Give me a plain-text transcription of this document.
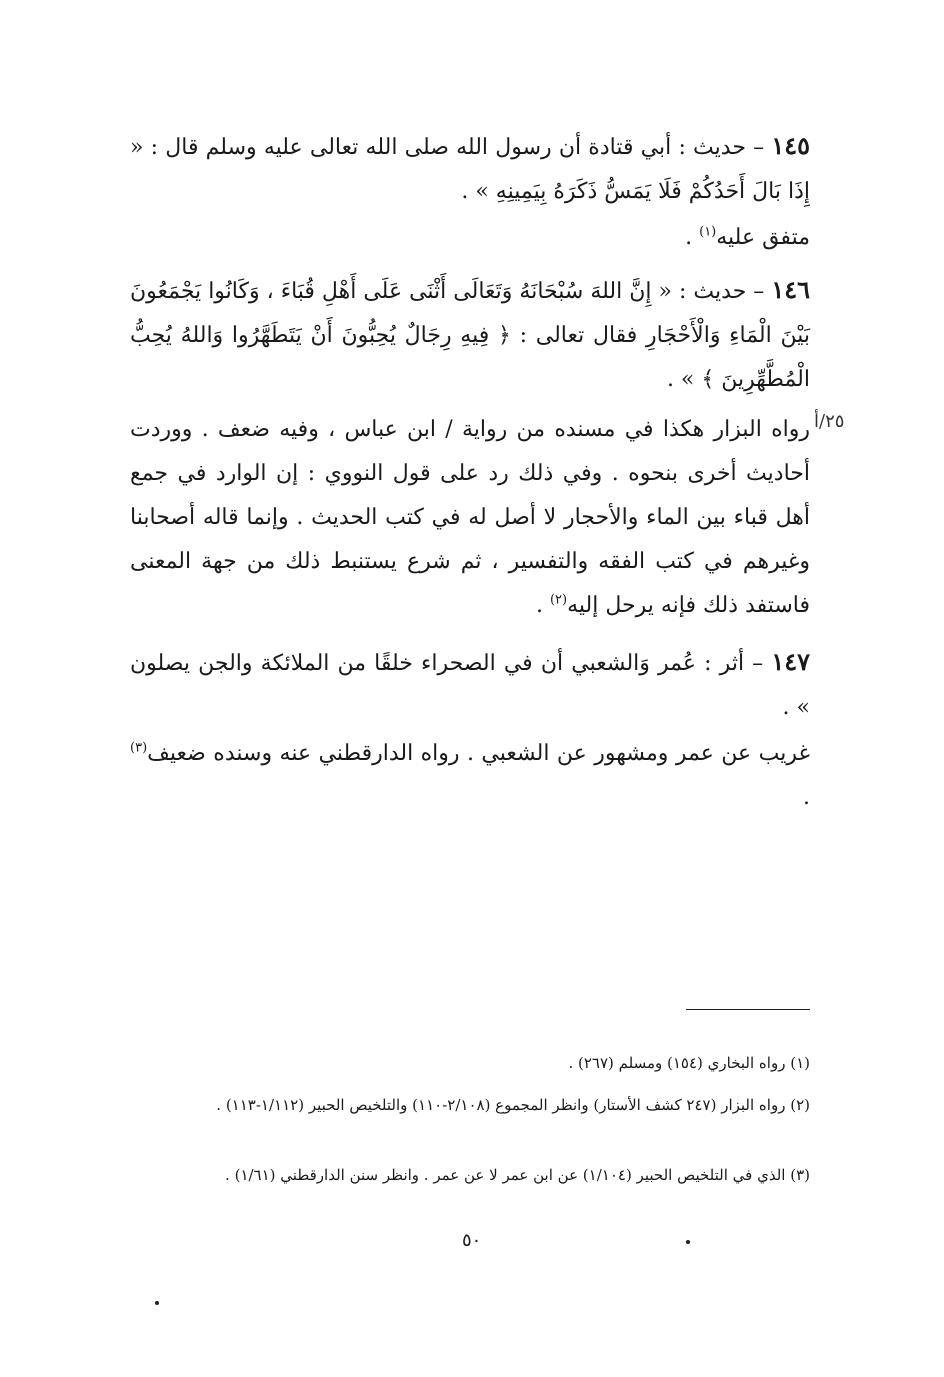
١٤٥ – حديث : أبي قتادة أن رسول الله صلى الله تعالى عليه وسلم قال : « إِذَا بَالَ أَحَدُكُمْ فَلَا يَمَسُّ ذَكَرَهُ بِيَمِينِهِ » .
متفق عليه$^{(١)}$ .
١٤٦ – حديث : « إِنَّ اللهَ سُبْحَانَهُ وَتَعَالَى أَثْنَى عَلَى أَهْلِ قُبَاءَ ، وَكَانُوا يَجْمَعُونَ بَيْنَ الْمَاءِ وَالْأَحْجَارِ فقال تعالى : ﴿ فِيهِ رِجَالٌ يُحِبُّونَ أَنْ يَتَطَهَّرُوا وَاللهُ يُحِبُّ الْمُطَّهِّرِينَ ﴾ » .
٢٥/أ
رواه البزار هكذا في مسنده من رواية / ابن عباس ، وفيه ضعف . ووردت أحاديث أخرى بنحوه . وفي ذلك رد على قول النووي : إن الوارد في جمع أهل قباء بين الماء والأحجار لا أصل له في كتب الحديث . وإنما قاله أصحابنا وغيرهم في كتب الفقه والتفسير ، ثم شرع يستنبط ذلك من جهة المعنى فاستفد ذلك فإنه يرحل إليه$^{(٢)}$ .
١٤٧ – أثر : عُمر وَالشعبي أن في الصحراء خلقًا من الملائكة والجن يصلون » .
غريب عن عمر ومشهور عن الشعبي . رواه الدارقطني عنه وسنده ضعيف$^{(٣)}$ .
(١) رواه البخاري (١٥٤) ومسلم (٢٦٧) .
(٢) رواه البزار (٢٤٧ كشف الأستار) وانظر المجموع (٢/١٠٨-١١٠) والتلخيص الحبير (١/١١٢-١١٣) .
(٣) الذي في التلخيص الحبير (١/١٠٤) عن ابن عمر لا عن عمر . وانظر سنن الدارقطني (١/٦١) .
٥٠
